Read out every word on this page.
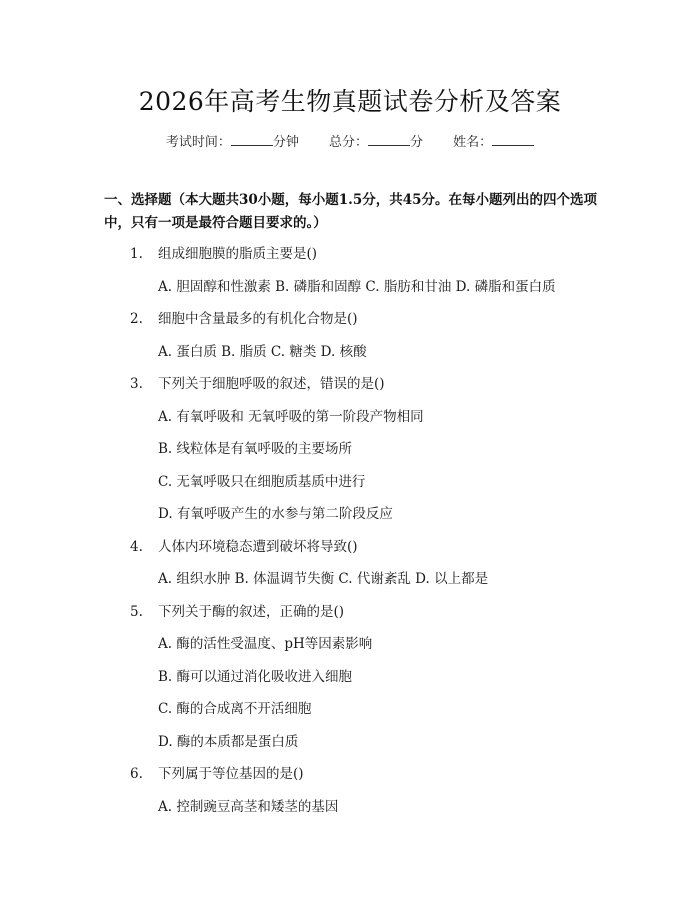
2026年高考生物真题试卷分析及答案
考试时间：	分钟 总分：	分 姓名：
一、选择题（本大题共30小题，每小题1.5分，共45分。在每小题列出的四个选项中，只有一项是最符合题目要求的。）
1. 组成细胞膜的脂质主要是()
A. 胆固醇和性激素 B. 磷脂和固醇 C. 脂肪和甘油 D. 磷脂和蛋白质
2. 细胞中含量最多的有机化合物是()
A. 蛋白质 B. 脂质 C. 糖类 D. 核酸
3. 下列关于细胞呼吸的叙述，错误的是()
A. 有氧呼吸和 无氧呼吸的第一阶段产物相同
B. 线粒体是有氧呼吸的主要场所
C. 无氧呼吸只在细胞质基质中进行
D. 有氧呼吸产生的水参与第二阶段反应
4. 人体内环境稳态遭到破坏将导致()
A. 组织水肿 B. 体温调节失衡 C. 代谢紊乱 D. 以上都是
5. 下列关于酶的叙述，正确的是()
A. 酶的活性受温度、pH等因素影响
B. 酶可以通过消化吸收进入细胞
C. 酶的合成离不开活细胞
D. 酶的本质都是蛋白质
6. 下列属于等位基因的是()
A. 控制豌豆高茎和矮茎的基因
